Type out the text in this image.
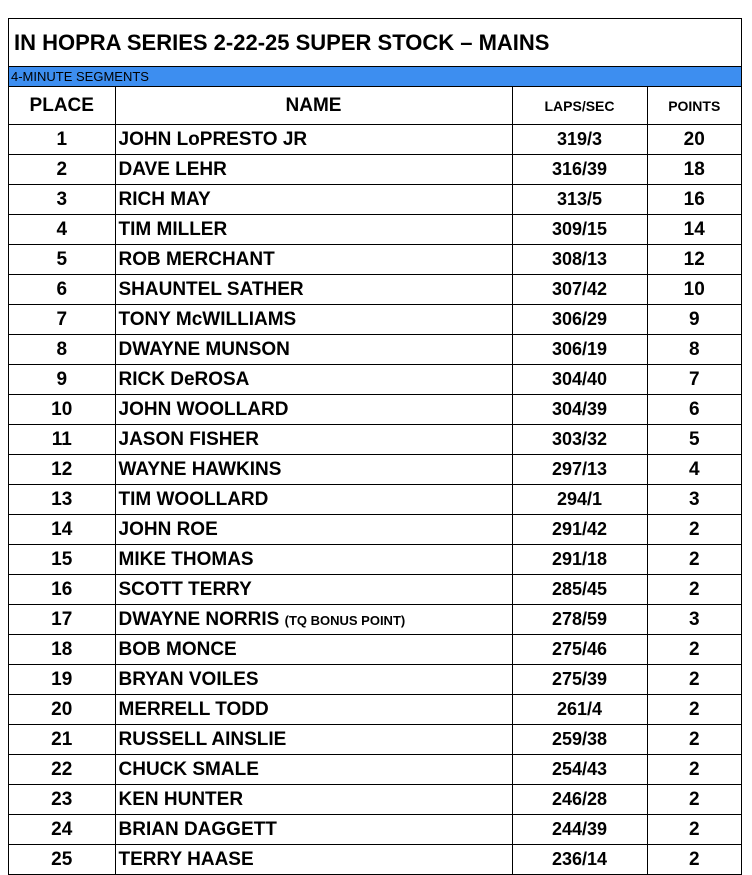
IN HOPRA SERIES 2-22-25 SUPER STOCK – MAINS
4-MINUTE SEGMENTS
PLACE	NAME	LAPS/SEC	POINTS
1	JOHN LoPRESTO JR	319/3	20
2	DAVE LEHR	316/39	18
3	RICH MAY	313/5	16
4	TIM MILLER	309/15	14
5	ROB MERCHANT	308/13	12
6	SHAUNTEL SATHER	307/42	10
7	TONY McWILLIAMS	306/29	9
8	DWAYNE MUNSON	306/19	8
9	RICK DeROSA	304/40	7
10	JOHN WOOLLARD	304/39	6
11	JASON FISHER	303/32	5
12	WAYNE HAWKINS	297/13	4
13	TIM WOOLLARD	294/1	3
14	JOHN ROE	291/42	2
15	MIKE THOMAS	291/18	2
16	SCOTT TERRY	285/45	2
17	DWAYNE NORRIS (TQ BONUS POINT)	278/59	3
18	BOB MONCE	275/46	2
19	BRYAN VOILES	275/39	2
20	MERRELL TODD	261/4	2
21	RUSSELL AINSLIE	259/38	2
22	CHUCK SMALE	254/43	2
23	KEN HUNTER	246/28	2
24	BRIAN DAGGETT	244/39	2
25	TERRY HAASE	236/14	2
